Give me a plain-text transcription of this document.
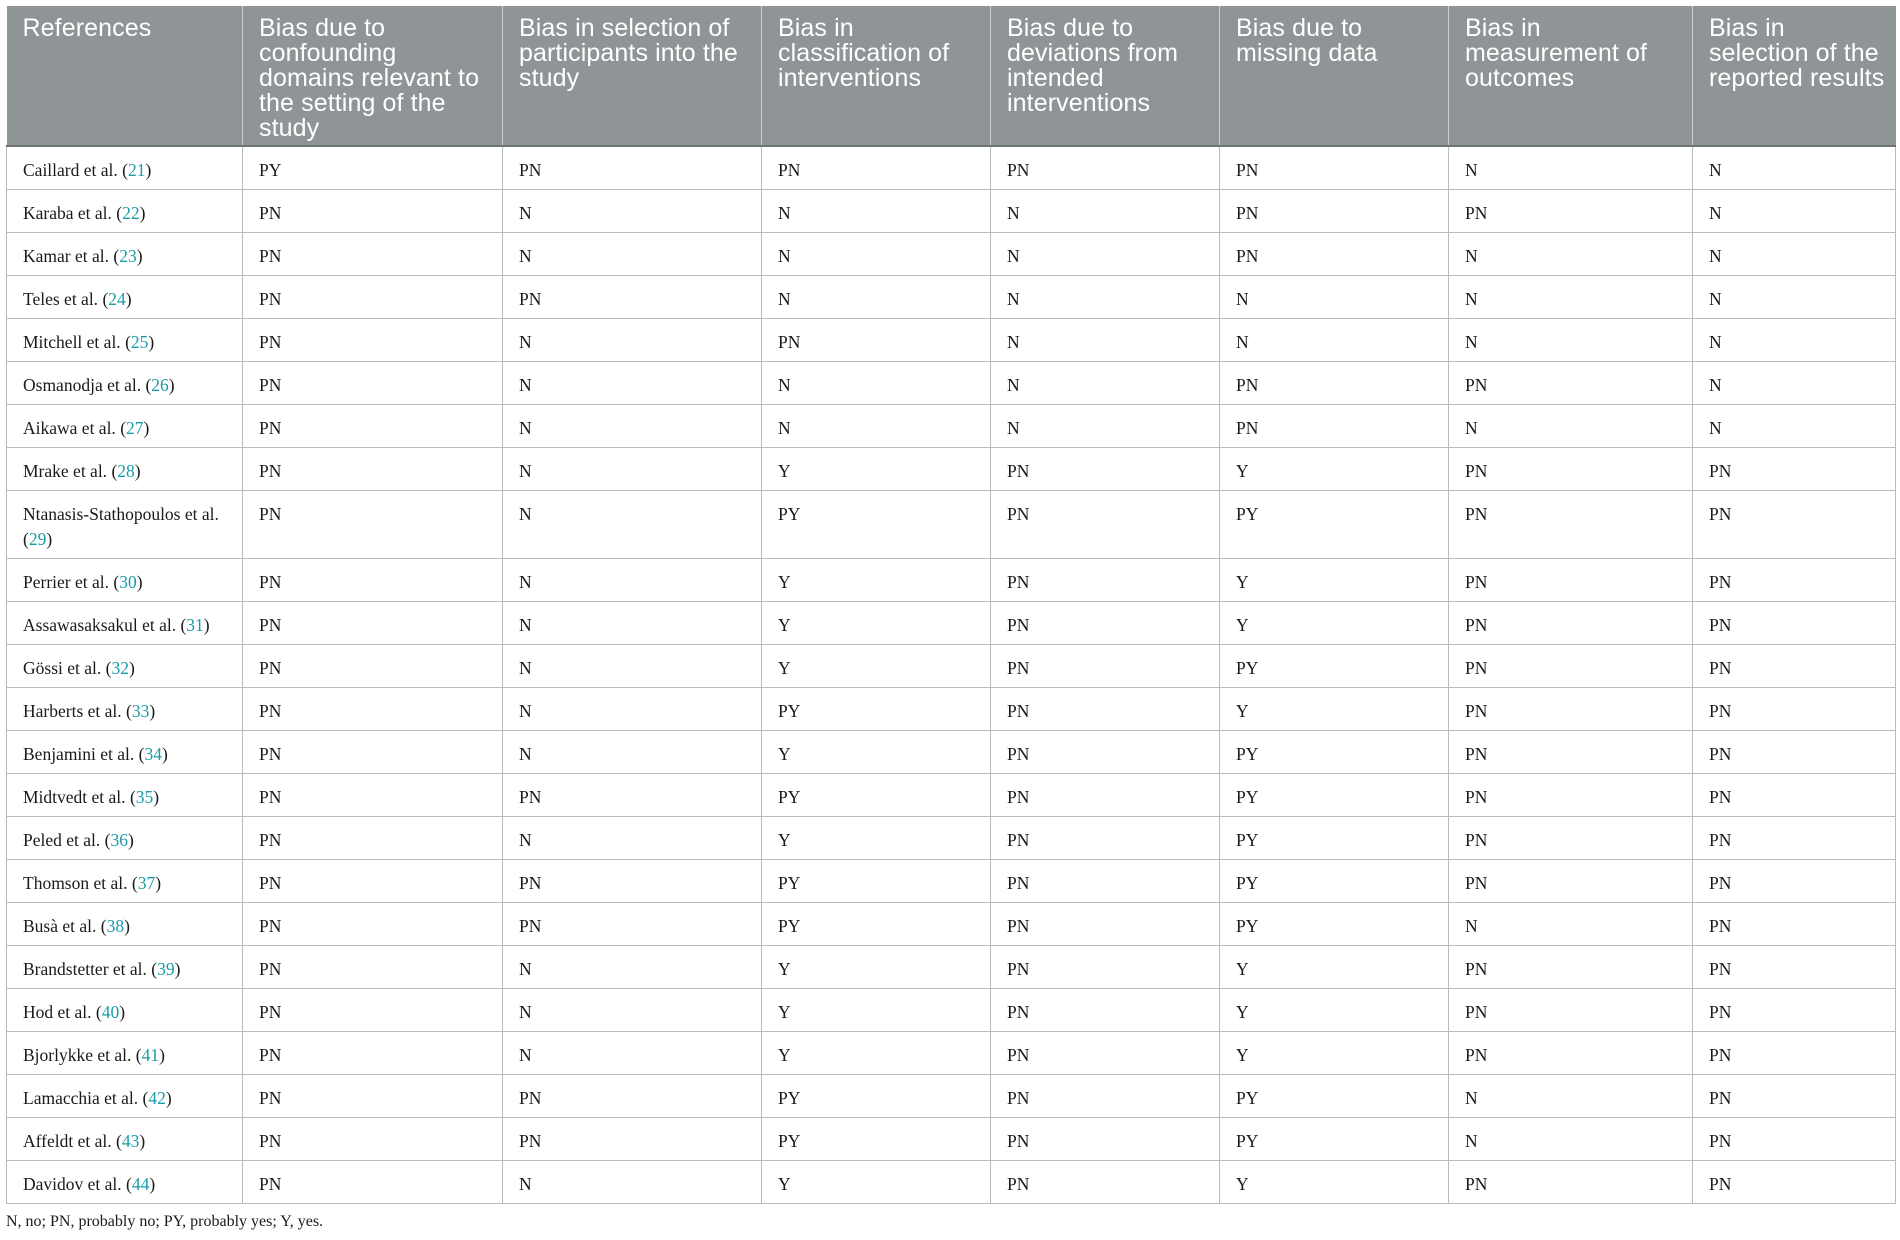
References	Bias due to confounding domains relevant to the setting of the study	Bias in selection of participants into the study	Bias in classification of interventions	Bias due to deviations from intended interventions	Bias due to missing data	Bias in measurement of outcomes	Bias in selection of the reported results
Caillard et al. (21)	PY	PN	PN	PN	PN	N	N
Karaba et al. (22)	PN	N	N	N	PN	PN	N
Kamar et al. (23)	PN	N	N	N	PN	N	N
Teles et al. (24)	PN	PN	N	N	N	N	N
Mitchell et al. (25)	PN	N	PN	N	N	N	N
Osmanodja et al. (26)	PN	N	N	N	PN	PN	N
Aikawa et al. (27)	PN	N	N	N	PN	N	N
Mrake et al. (28)	PN	N	Y	PN	Y	PN	PN
Ntanasis-Stathopoulos et al. (29)	PN	N	PY	PN	PY	PN	PN
Perrier et al. (30)	PN	N	Y	PN	Y	PN	PN
Assawasaksakul et al. (31)	PN	N	Y	PN	Y	PN	PN
Gössi et al. (32)	PN	N	Y	PN	PY	PN	PN
Harberts et al. (33)	PN	N	PY	PN	Y	PN	PN
Benjamini et al. (34)	PN	N	Y	PN	PY	PN	PN
Midtvedt et al. (35)	PN	PN	PY	PN	PY	PN	PN
Peled et al. (36)	PN	N	Y	PN	PY	PN	PN
Thomson et al. (37)	PN	PN	PY	PN	PY	PN	PN
Busà et al. (38)	PN	PN	PY	PN	PY	N	PN
Brandstetter et al. (39)	PN	N	Y	PN	Y	PN	PN
Hod et al. (40)	PN	N	Y	PN	Y	PN	PN
Bjorlykke et al. (41)	PN	N	Y	PN	Y	PN	PN
Lamacchia et al. (42)	PN	PN	PY	PN	PY	N	PN
Affeldt et al. (43)	PN	PN	PY	PN	PY	N	PN
Davidov et al. (44)	PN	N	Y	PN	Y	PN	PN
N, no; PN, probably no; PY, probably yes; Y, yes.
